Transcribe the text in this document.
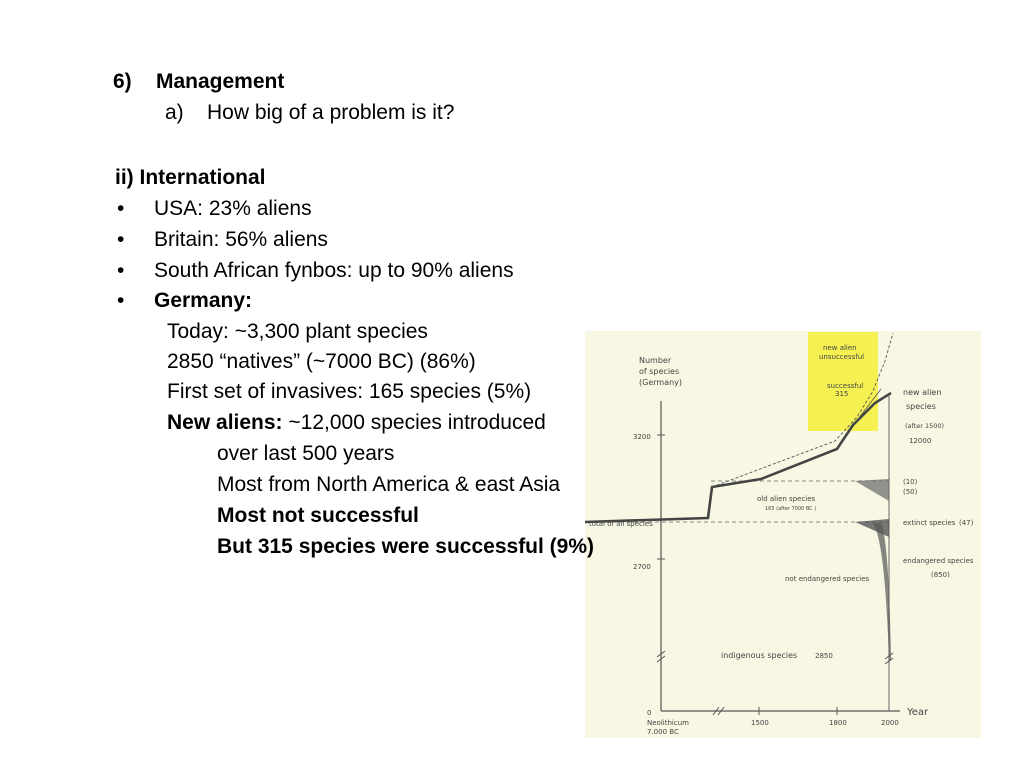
6) Management
a) How big of a problem is it?
ii) International
• USA: 23% aliens
• Britain: 56% aliens
• South African fynbos: up to 90% aliens
• Germany:
Today: ~3,300 plant species
2850 “natives” (~7000 BC) (86%)	Number
of species
(Germany)
3200
2700
0
Neolithicum
7.000 BC
1500	1800	2000
Year
total of all species
new alien
unsuccessful
successful
315	new alien
species
(after 1500)
12000
old alien species
165 (after 7000 BC )
(10)
(50)
extinct species (47)
endangered species
(850)
not endangered species
indigenous species	2850
First set of invasives: 165 species (5%)
New aliens: ~12,000 species introduced
over last 500 years
Most from North America & east Asia
Most not successful
But 315 species were successful (9%)
